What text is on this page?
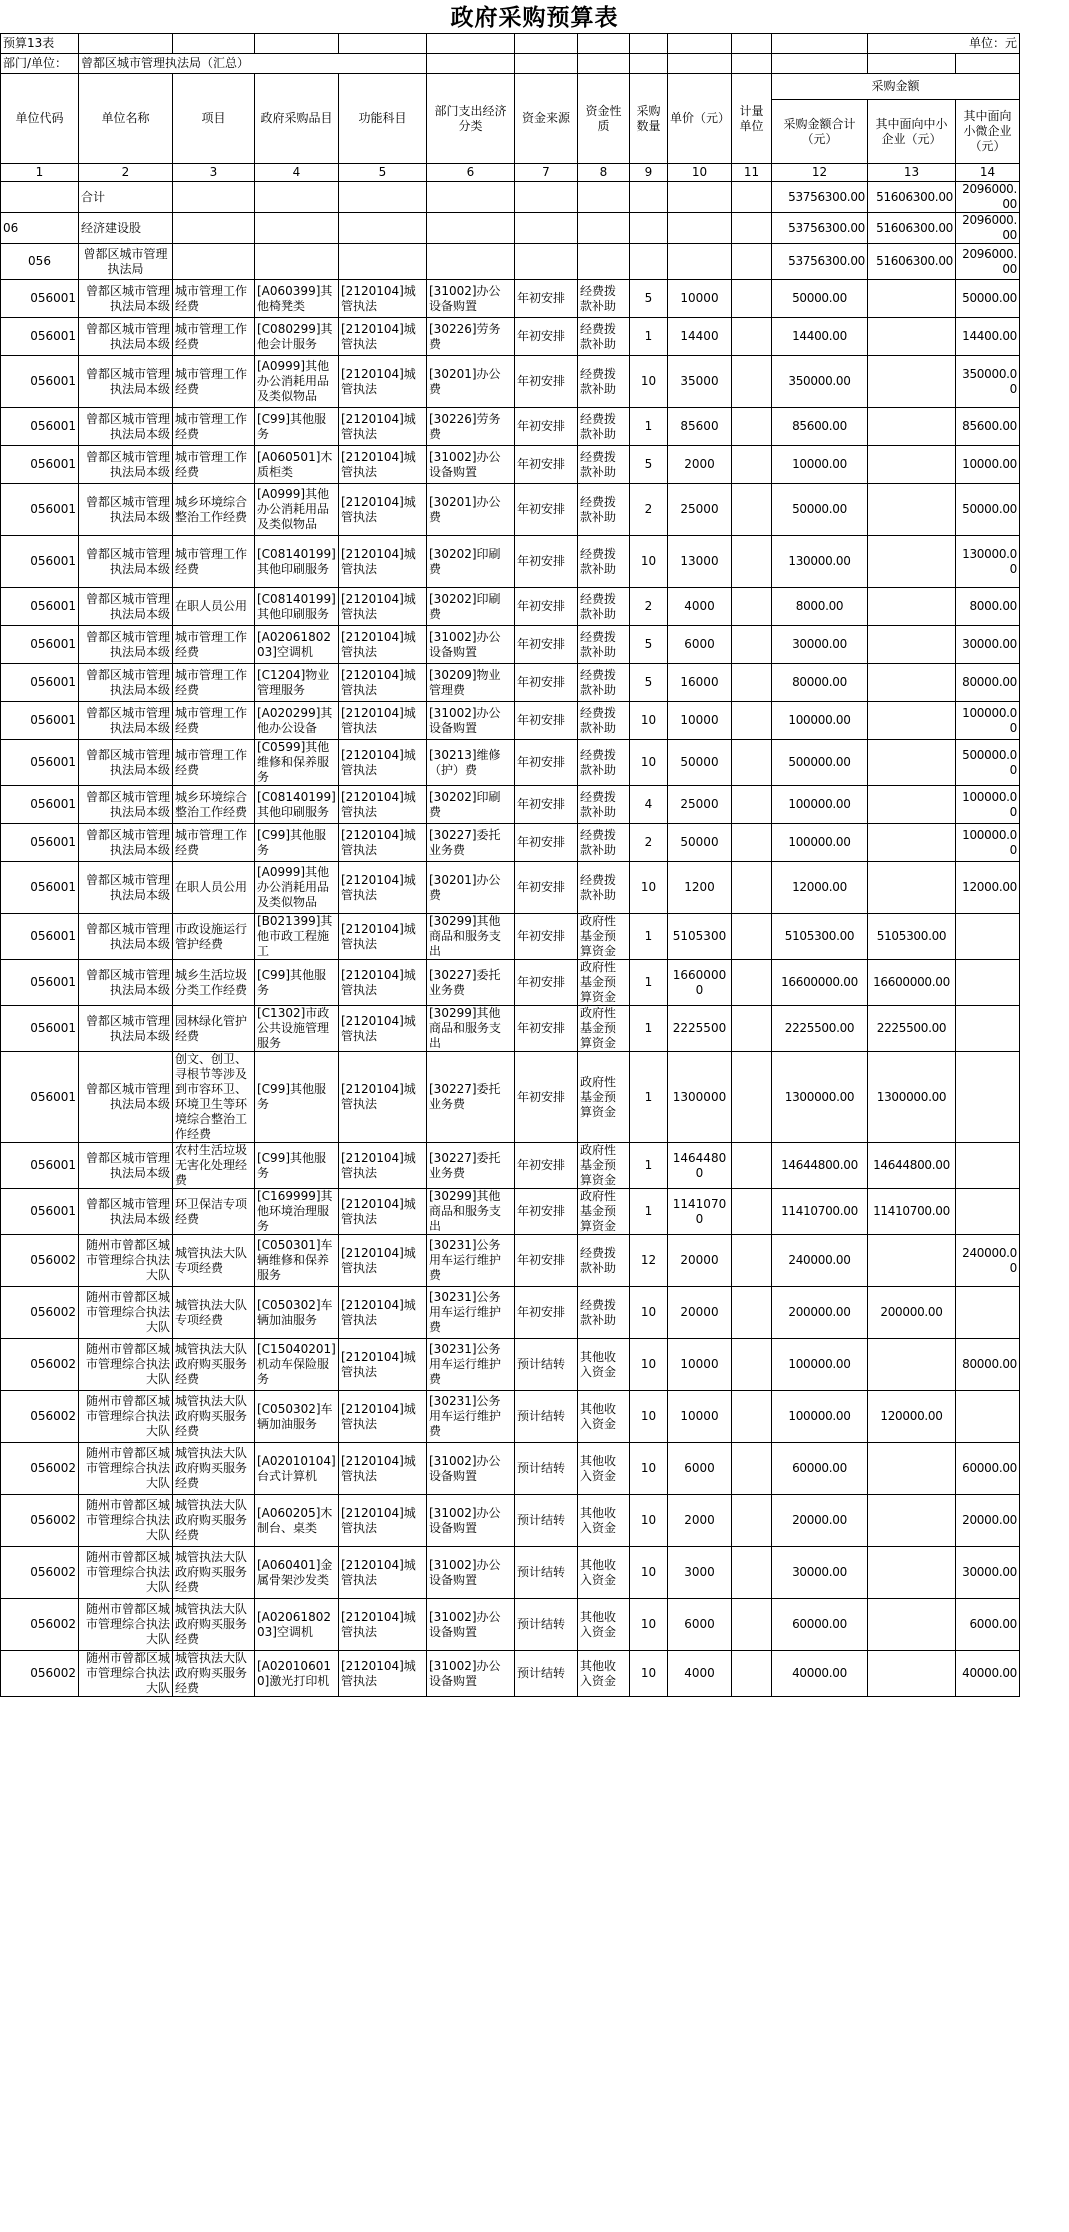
政府采购预算表
预算13表												单位：元	
部门/单位：	曾都区城市管理执法局（汇总）												
单位代码	单位名称	项目	政府采购品目	功能科目	部门支出经济分类	资金来源	资金性质	采购数量	单价（元）	计量单位	采购金额		
											采购金额合计（元）	其中面向中小企业（元）	其中面向小微企业（元）
1	2	3	4	5	6	7	8	9	10	11	12	13	14
	合计										53756300.00	51606300.00	2096000.00
06	经济建设股										53756300.00	51606300.00	2096000.00
056	曾都区城市管理执法局										53756300.00	51606300.00	2096000.00
056001	曾都区城市管理执法局本级	城市管理工作经费	[A060399]其他椅凳类	[2120104]城管执法	[31002]办公设备购置	年初安排	经费拨款补助	5	10000		50000.00		50000.00
056001	曾都区城市管理执法局本级	城市管理工作经费	[C080299]其他会计服务	[2120104]城管执法	[30226]劳务费	年初安排	经费拨款补助	1	14400		14400.00		14400.00
056001	曾都区城市管理执法局本级	城市管理工作经费	[A0999]其他办公消耗用品及类似物品	[2120104]城管执法	[30201]办公费	年初安排	经费拨款补助	10	35000		350000.00		350000.00
056001	曾都区城市管理执法局本级	城市管理工作经费	[C99]其他服务	[2120104]城管执法	[30226]劳务费	年初安排	经费拨款补助	1	85600		85600.00		85600.00
056001	曾都区城市管理执法局本级	城市管理工作经费	[A060501]木质柜类	[2120104]城管执法	[31002]办公设备购置	年初安排	经费拨款补助	5	2000		10000.00		10000.00
056001	曾都区城市管理执法局本级	城乡环境综合整治工作经费	[A0999]其他办公消耗用品及类似物品	[2120104]城管执法	[30201]办公费	年初安排	经费拨款补助	2	25000		50000.00		50000.00
056001	曾都区城市管理执法局本级	城市管理工作经费	[C08140199]其他印刷服务	[2120104]城管执法	[30202]印刷费	年初安排	经费拨款补助	10	13000		130000.00		130000.00
056001	曾都区城市管理执法局本级	在职人员公用	[C08140199]其他印刷服务	[2120104]城管执法	[30202]印刷费	年初安排	经费拨款补助	2	4000		8000.00		8000.00
056001	曾都区城市管理执法局本级	城市管理工作经费	[A02061802 03]空调机	[2120104]城管执法	[31002]办公设备购置	年初安排	经费拨款补助	5	6000		30000.00		30000.00
056001	曾都区城市管理执法局本级	城市管理工作经费	[C1204]物业管理服务	[2120104]城管执法	[30209]物业管理费	年初安排	经费拨款补助	5	16000		80000.00		80000.00
056001	曾都区城市管理执法局本级	城市管理工作经费	[A020299]其他办公设备	[2120104]城管执法	[31002]办公设备购置	年初安排	经费拨款补助	10	10000		100000.00		100000.00
056001	曾都区城市管理执法局本级	城市管理工作经费	[C0599]其他维修和保养服务	[2120104]城管执法	[30213]维修（护）费	年初安排	经费拨款补助	10	50000		500000.00		500000.00
056001	曾都区城市管理执法局本级	城乡环境综合整治工作经费	[C08140199]其他印刷服务	[2120104]城管执法	[30202]印刷费	年初安排	经费拨款补助	4	25000		100000.00		100000.00
056001	曾都区城市管理执法局本级	城市管理工作经费	[C99]其他服务	[2120104]城管执法	[30227]委托业务费	年初安排	经费拨款补助	2	50000		100000.00		100000.00
056001	曾都区城市管理执法局本级	在职人员公用	[A0999]其他办公消耗用品及类似物品	[2120104]城管执法	[30201]办公费	年初安排	经费拨款补助	10	1200		12000.00		12000.00
056001	曾都区城市管理执法局本级	市政设施运行管护经费	[B021399]其他市政工程施工	[2120104]城管执法	[30299]其他商品和服务支出	年初安排	政府性基金预算资金	1	5105300		5105300.00	5105300.00	
056001	曾都区城市管理执法局本级	城乡生活垃圾分类工作经费	[C99]其他服务	[2120104]城管执法	[30227]委托业务费	年初安排	政府性基金预算资金	1	16600000		16600000.00	16600000.00	
056001	曾都区城市管理执法局本级	园林绿化管护经费	[C1302]市政公共设施管理服务	[2120104]城管执法	[30299]其他商品和服务支出	年初安排	政府性基金预算资金	1	2225500		2225500.00	2225500.00	
056001	曾都区城市管理执法局本级	创文、创卫、寻根节等涉及到市容环卫、环境卫生等环境综合整治工作经费	[C99]其他服务	[2120104]城管执法	[30227]委托业务费	年初安排	政府性基金预算资金	1	1300000		1300000.00	1300000.00	
056001	曾都区城市管理执法局本级	农村生活垃圾无害化处理经费	[C99]其他服务	[2120104]城管执法	[30227]委托业务费	年初安排	政府性基金预算资金	1	14644800		14644800.00	14644800.00	
056001	曾都区城市管理执法局本级	环卫保洁专项经费	[C169999]其他环境治理服务	[2120104]城管执法	[30299]其他商品和服务支出	年初安排	政府性基金预算资金	1	11410700		11410700.00	11410700.00	
056002	随州市曾都区城市管理综合执法大队	城管执法大队专项经费	[C050301]车辆维修和保养服务	[2120104]城管执法	[30231]公务用车运行维护费	年初安排	经费拨款补助	12	20000		240000.00		240000.00
056002	随州市曾都区城市管理综合执法大队	城管执法大队专项经费	[C050302]车辆加油服务	[2120104]城管执法	[30231]公务用车运行维护费	年初安排	经费拨款补助	10	20000		200000.00	200000.00	
056002	随州市曾都区城市管理综合执法大队	城管执法大队政府购买服务经费	[C15040201]机动车保险服务	[2120104]城管执法	[30231]公务用车运行维护费	预计结转	其他收入资金	10	10000		100000.00		80000.00
056002	随州市曾都区城市管理综合执法大队	城管执法大队政府购买服务经费	[C050302]车辆加油服务	[2120104]城管执法	[30231]公务用车运行维护费	预计结转	其他收入资金	10	10000		100000.00	120000.00	
056002	随州市曾都区城市管理综合执法大队	城管执法大队政府购买服务经费	[A02010104]台式计算机	[2120104]城管执法	[31002]办公设备购置	预计结转	其他收入资金	10	6000		60000.00		60000.00
056002	随州市曾都区城市管理综合执法大队	城管执法大队政府购买服务经费	[A060205]木制台、桌类	[2120104]城管执法	[31002]办公设备购置	预计结转	其他收入资金	10	2000		20000.00		20000.00
056002	随州市曾都区城市管理综合执法大队	城管执法大队政府购买服务经费	[A060401]金属骨架沙发类	[2120104]城管执法	[31002]办公设备购置	预计结转	其他收入资金	10	3000		30000.00		30000.00
056002	随州市曾都区城市管理综合执法大队	城管执法大队政府购买服务经费	[A02061802 03]空调机	[2120104]城管执法	[31002]办公设备购置	预计结转	其他收入资金	10	6000		60000.00		6000.00
056002	随州市曾都区城市管理综合执法大队	城管执法大队政府购买服务经费	[A02010601 0]激光打印机	[2120104]城管执法	[31002]办公设备购置	预计结转	其他收入资金	10	4000		40000.00		40000.00
